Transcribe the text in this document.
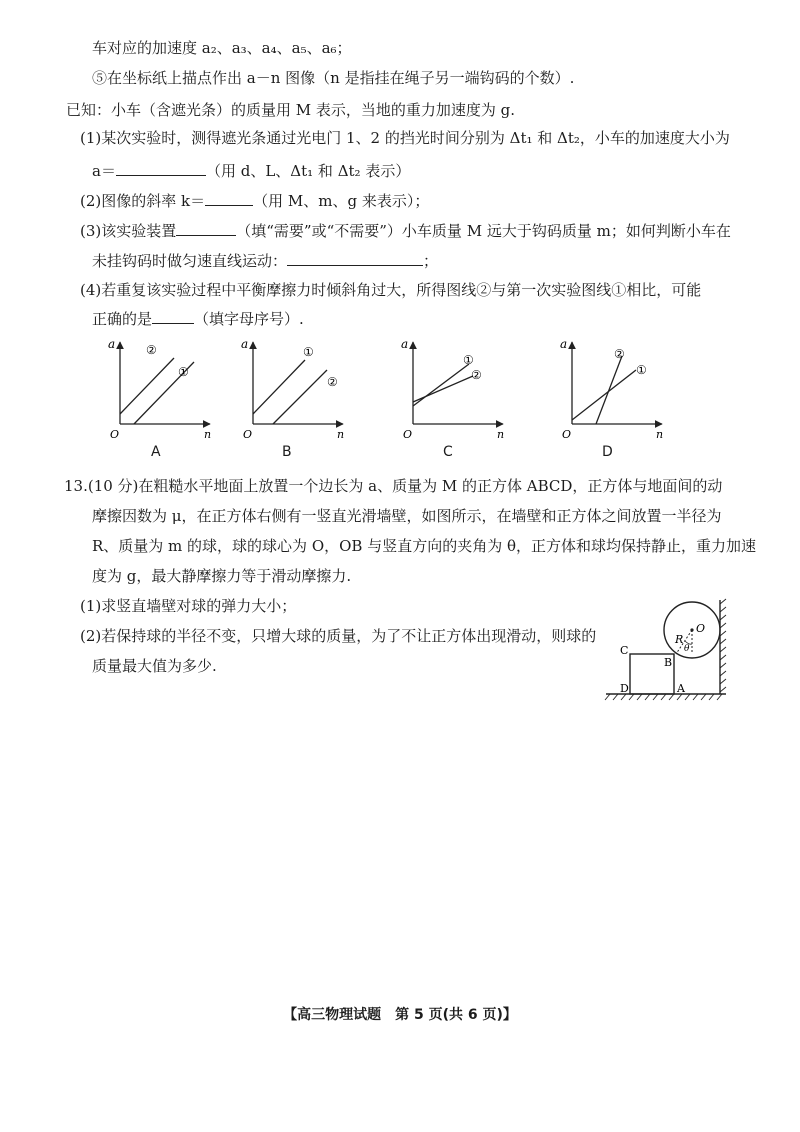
车对应的加速度 a₂、a₃、a₄、a₅、a₆；
⑤在坐标纸上描点作出 a－n 图像（n 是指挂在绳子另一端钩码的个数）.
已知：小车（含遮光条）的质量用 M 表示，当地的重力加速度为 g.
(1)某次实验时，测得遮光条通过光电门 1、2 的挡光时间分别为 Δt₁ 和 Δt₂，小车的加速度大小为
a＝	（用 d、L、Δt₁ 和 Δt₂ 表示）
(2)图像的斜率 k＝	（用 M、m、g 来表示）；
(3)该实验装置	（填“需要”或“不需要”）小车质量 M 远大于钩码质量 m；如何判断小车在
未挂钩码时做匀速直线运动：	；
(4)若重复该实验过程中平衡摩擦力时倾斜角过大，所得图线②与第一次实验图线①相比，可能
正确的是	（填字母序号）.
a
n
O
②
①
A
a
n
O
①
②
B
a
n
O
①
②
C
a
n
O
②
①
D
13.(10 分)在粗糙水平地面上放置一个边长为 a、质量为 M 的正方体 ABCD，正方体与地面间的动
摩擦因数为 μ，在正方体右侧有一竖直光滑墙壁，如图所示，在墙壁和正方体之间放置一半径为
R、质量为 m 的球，球的球心为 O，OB 与竖直方向的夹角为 θ，正方体和球均保持静止，重力加速
度为 g，最大静摩擦力等于滑动摩擦力.
(1)求竖直墙壁对球的弹力大小；
(2)若保持球的半径不变，只增大球的质量，为了不让正方体出现滑动，则球的
质量最大值为多少.
C
B
D	A
R
O
θ
【高三物理试题　第 5 页(共 6 页)】
